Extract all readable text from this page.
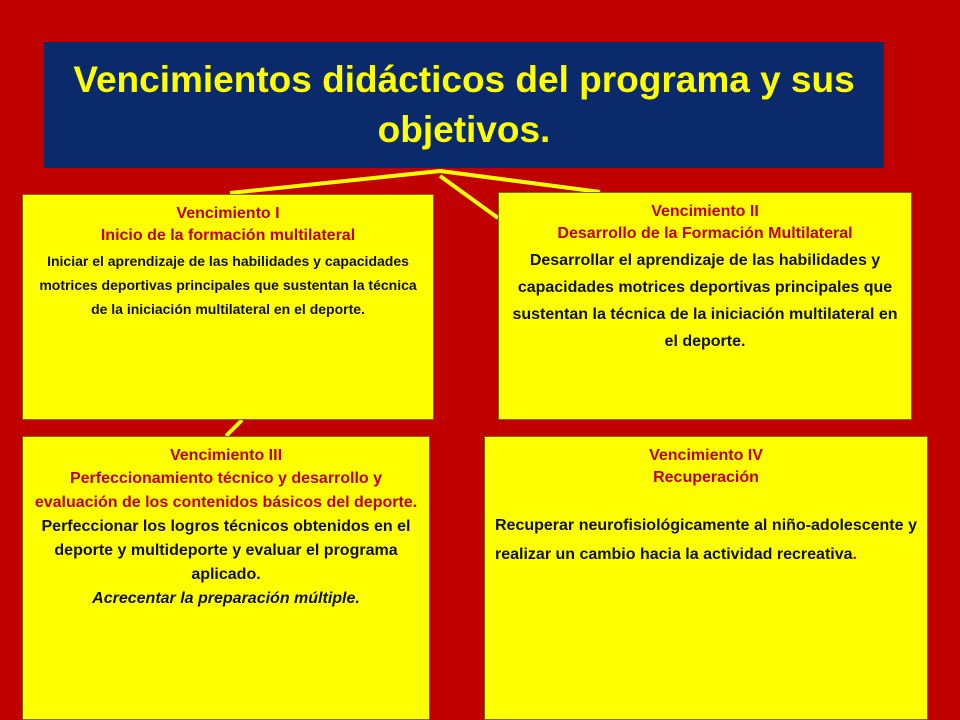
Vencimientos didácticos del programa y sus objetivos.
Vencimiento I
Inicio de la formación multilateral
Iniciar el aprendizaje de las habilidades y capacidades motrices deportivas principales que sustentan la técnica de la iniciación multilateral en el deporte.
Vencimiento II
Desarrollo de la Formación Multilateral
Desarrollar el aprendizaje de las habilidades y capacidades motrices deportivas principales que sustentan la técnica de la iniciación multilateral en el deporte.
Vencimiento III
Perfeccionamiento técnico y desarrollo y evaluación de los contenidos básicos del deporte.
Perfeccionar los logros técnicos obtenidos en el deporte y multideporte y evaluar el programa aplicado.
Acrecentar la preparación múltiple.
Vencimiento IV
Recuperación
Recuperar neurofisiológicamente al niño-adolescente y realizar un cambio hacia la actividad recreativa.
